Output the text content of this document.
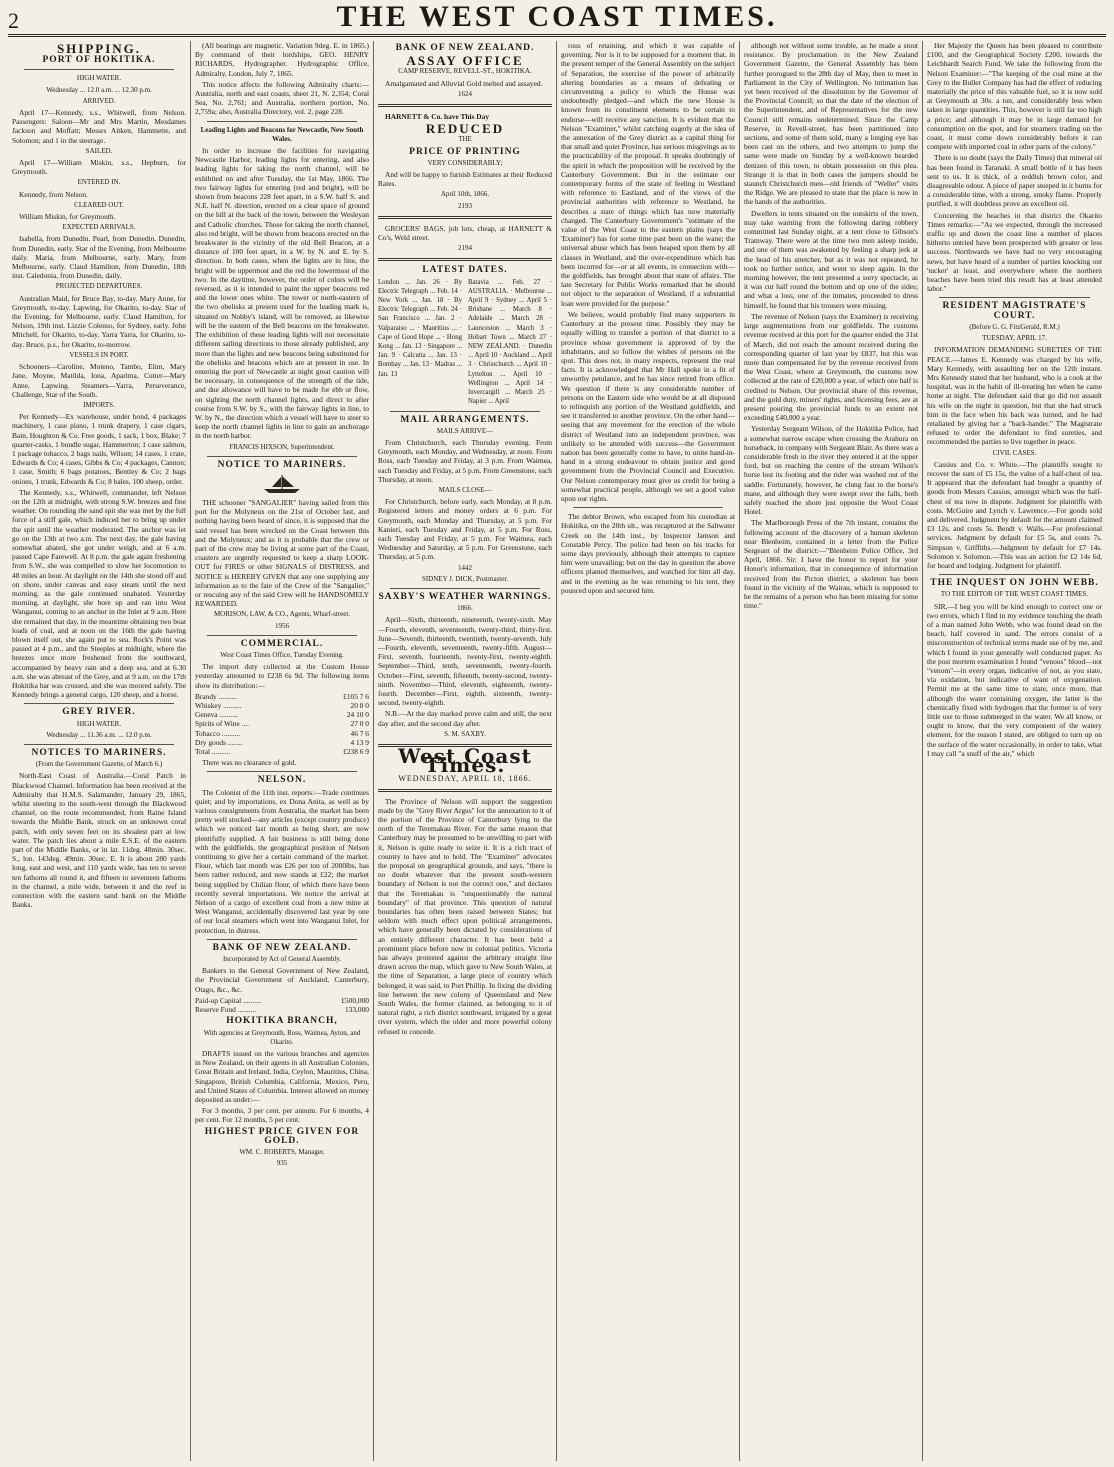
2	THE WEST COAST TIMES.
SHIPPING.
PORT OF HOKITIKA.
HIGH WATER.
Wednesday ... 12.0 a.m. ... 12.30 p.m.
ARRIVED.

April 17—Kennedy, s.s., Whitwell, from Nelson. Passengers: Saloon—Mr and Mrs Martin, Mesdames Jackson and Moffatt; Messrs Aitken, Hammette, and Solomon; and 1 in the steerage.

SAILED.

April 17—William Miskin, s.s., Hepburn, for Greymouth.

ENTERED IN.

Kennedy, from Nelson.

CLEARED OUT.

William Miskin, for Greymouth.

EXPECTED ARRIVALS.

Isabella, from Dunedin. Pearl, from Dunedin. Dunedin, from Dunedin, early. Star of the Evening, from Melbourne daily. Maria, from Melbourne, early. Mary, from Melbourne, early. Claud Hamilton, from Dunedin, 18th inst. Caledonia, from Dunedin, daily.

PROJECTED DEPARTURES.

Australian Maid, for Bruce Bay, to-day. Mary Anne, for Greymouth, to-day. Lapwing, for Okarito, to-day. Star of the Evening, for Melbourne, early. Claud Hamilton, for Nelson, 19th inst. Lizzie Colenso, for Sydney, early. John Mitchell, for Okarito, to-day. Yarra Yarra, for Okarito, to-day. Bruce, p.s., for Okarito, to-morrow.

VESSELS IN PORT.

Schooners—Caroline, Moteno, Tambo, Elim, Mary Jane, Moyne, Matilda, Iona, Aparima, Cutter—Mary Anne, Lapwing. Steamers—Yarra, Perseverance, Challenge, Star of the South.

IMPORTS.

Per Kennedy—Ex warehouse, under bond, 4 packages machinery, 1 case piano, 1 trunk drapery, 1 case cigars, Bain, Houghton & Co. Free goods, 1 sack, 1 box, Blake; 7 quarter-casks, 1 bundle sugar, Hammerton; 1 case salmon, 1 package tobacco, 2 bags nails, Wilson; 14 cases, 1 crate, Edwards & Co; 4 cases, Gibbs & Co; 4 packages, Cannon; 1 case, Smith; 6 bags potatoes, Bentley & Co; 2 bags onions, 1 trunk, Edwards & Co; 8 bales, 100 sheep, order.

The Kennedy, s.s., Whitwell, commander, left Nelson on the 12th at midnight, with strong S.W. breezes and fine weather. On rounding the sand spit she was met by the full force of a stiff gale, which induced her to bring up under the spit until the weather moderated. The anchor was let go on the 13th at two a.m. The next day, the gale having somewhat abated, she got under weigh, and at 6 a.m. passed Cape Farewell. At 8 p.m. the gale again freshening from S.W., she was compelled to slow her locomotion to 48 miles an hour. At daylight on the 14th she stood off and on shore, under canvas and easy steam until the next morning, as the gale continued unabated. Yesterday morning, at daylight, she bore up and ran into West Wanganui, coming to an anchor in the Inlet at 9 a.m. Here she remained that day, in the meantime obtaining two boat loads of coal, and at noon on the 16th the gale having blown itself out, she again put to sea. Rock's Point was passed at 4 p.m., and the Steeples at midnight, where the breezes once more freshened from the southward, accompanied by heavy rain and a deep sea, and at 6.30 a.m. she was abreast of the Grey, and at 9 a.m. on the 17th Hokitika bar was crossed, and she was moored safely. The Kennedy brings a general cargo, 120 sheep, and a horse.

GREY RIVER.
HIGH WATER.
Wednesday ... 11.36 a.m. ... 12.0 p.m.
NOTICES TO MARINERS.
(From the Government Gazette, of March 6.)

North-East Coast of Australia.—Coral Patch in Blackwood Channel. Information has been received at the Admiralty that H.M.S. Salamander, January 29, 1865, whilst steering to the south-west through the Blackwood channel, on the route recommended, from Raine Island towards the Middle Bank, struck on an unknown coral patch, with only seven feet on its shoalest part at low water. The patch lies about a mile E.S.E. of the eastern part of the Middle Banks, or in lat. 11deg. 48min. 30sec. S., lon. 143deg. 49min. 30sec. E. It is about 280 yards long, east and west, and 110 yards wide, has ten to seven ten fathoms all round it, and fifteen to seventeen fathoms in the channel, a mile wide, between it and the reef in connection with the eastern sand bank on the Middle Banks.

(All bearings are magnetic. Variation 9deg. E. in 1865.) By command of their lordships, GEO. HENRY RICHARDS, Hydrographer. Hydrographic Office, Admiralty, London, July 7, 1865.

This notice affects the following Admiralty charts:—Australia, north and east coasts, sheet 21, N. 2,354; Coral Sea, No. 2,761; and Australia, northern portion, No. 2,759a; also, Australia Directory, vol. 2, page 228.

Leading Lights and Beacons for Newcastle, New South Wales.

In order to increase the facilities for navigating Newcastle Harbor, leading lights for entering, and also leading lights for taking the north channel, will be exhibited on and after Tuesday, the 1st May, 1866. The two fairway lights for entering (red and bright), will be shown from beacons 228 feet apart, in a S.W. half S. and N.E. half N. direction, erected on a clear space of ground on the hill at the back of the town, between the Wesleyan and Catholic churches. Those for taking the north channel, also red bright, will be shown from beacons erected on the breakwater in the vicinity of the old Bell Beacon, at a distance of 100 feet apart, in a W. by N. and E. by S. direction. In both cases, when the lights are in line, the bright will be uppermost and the red the lowermost of the two. In the daytime, however, the order of colors will be reversed, as it is intended to paint the upper beacons red and the lower ones white. The tower or north-eastern of the two obelisks at present used for the leading mark is, situated on Nobby's island, will be removed, as likewise will be the eastern of the Bell beacons on the breakwater. The exhibition of these leading lights will not necessitate different sailing directions to those already published, any more than the lights and new beacons being substituted for the obelisks and beacons which are at present in use. In entering the port of Newcastle at night great caution will be necessary, in consequence of the strength of the tide, and due allowance will have to be made for ebb or flow, on sighting the north channel lights, and direct to after course from S.W. by S., with the fairway lights in line, to W. by N., the direction which a vessel will have to steer to keep the north channel lights in line to gain an anchorage in the north harbor.

FRANCIS HIXSON, Superintendent.
NOTICE TO MARINERS.

THE schooner "SANGALIER" having sailed from this port for the Molyneux on the 21st of October last, and nothing having been heard of since, it is supposed that the said vessel has been wrecked on the Coast between this and the Molyneux; and as it is probable that the crew or part of the crew may be living at some part of the Coast, coasters are urgently requested to keep a sharp LOOK-OUT for FIRES or other SIGNALS of DISTRESS, and NOTICE is HEREBY GIVEN that any one supplying any information as to the fate of the Crew of the "Sangalier," or rescuing any of the said Crew will be HANDSOMELY REWARDED.

MORISON, LAW, & CO., Agents, Wharf-street.
1956
COMMERCIAL.
West Coast Times Office, Tuesday Evening.

The import duty collected at the Custom House yesterday amounted to £238 6s 9d. The following items show its distribution:—

Brandy ..........	£105 7 6
Whiskey ..........	20 8 0
Geneva ..........	24 10 0
Spirits of Wine ....	27 0 0
Tobacco ..........	46 7 6
Dry goods ........	4 13 9
Total ..........	£238 6 9

There was no clearance of gold.

NELSON.

The Colonist of the 11th inst. reports:—Trade continues quiet; and by importations, ex Dona Anita, as well as by various consignments from Australia, the market has been pretty well stocked—any articles (except country produce) which we noticed last month as being short, are now plentifully supplied. A fair business is still being done with the goldfields, the geographical position of Nelson continuing to give her a certain command of the market. Flour, which last month was £26 per ton of 2000lbs, has been rather reduced, and now stands at £22; the market being supplied by Chilian flour, of which there have been recently several importations. We notice the arrival at Nelson of a cargo of excellent coal from a new mine at West Wanganui, accidentally discovered last year by one of our local steamers which went into Wanganui Inlet, for protection, in distress.

BANK OF NEW ZEALAND.
Incorporated by Act of General Assembly.

Bankers to the General Government of New Zealand, the Provincial Government of Auckland, Canterbury, Otago, &c., &c.

Paid-up Capital ..........	£500,000
Reserve Fund ..........	133,000
HOKITIKA BRANCH,
With agencies at Greymouth, Ross, Waimea, Ayton, and Okarito.

DRAFTS issued on the various branches and agencies in New Zealand, on their agents in all Australian Colonies, Great Britain and Ireland, India, Ceylon, Mauritius, China, Singapore, British Columbia, California, Mexico, Peru, and United States of Columbia. Interest allowed on money deposited as under:—

For 3 months, 3 per cent. per annum. For 6 months, 4 per cent. For 12 months, 5 per cent.

HIGHEST PRICE GIVEN FOR GOLD.
WM. C. ROBERTS, Manager.
935
BANK OF NEW ZEALAND.
ASSAY OFFICE
CAMP RESERVE, REVELL-ST., HOKITIKA.

Amalgamated and Alluvial Gold melted and assayed.

1624

HARNETT & Co. have This Day

REDUCED
THE
PRICE OF PRINTING
VERY CONSIDERABLY;

And will be happy to furnish Estimates at their Reduced Rates.

April 10th, 1866.
2193

GROCERS' BAGS, job lots, cheap, at HARNETT & Co's, Weld street.

2194
LATEST DATES.
London ... Jan. 26 · By Electric Telegraph ... Feb. 14 · New York ... Jan. 18 · By Electric Telegraph ... Feb. 24 · San Francisco ... Jan. 2 · Valparaiso ... · Mauritius ... · Cape of Good Hope ... · Hong Kong ... Jan. 13 · Singapore ... Jan. 9 · Calcutta ... Jan. 13 · Bombay ... Jan. 13 · Madras ... Jan. 13
Batavia ... Feb. 27 · AUSTRALIA. · Melbourne ... April 9 · Sydney ... April 5 · Brisbane ... March 8 · Adelaide ... March 28 · Launceston ... March 3 · Hobart Town ... March 27 · NEW ZEALAND. · Dunedin ... April 10 · Auckland ... April 3 · Christchurch ... April 10 · Lyttelton ... April 10 · Wellington ... April 14 · Invercargill ... March 25 · Napier ... April
MAIL ARRANGEMENTS.
MAILS ARRIVE—

From Christchurch, each Thursday evening. From Greymouth, each Monday, and Wednesday, at noon. From Ross, each Tuesday and Friday, at 3 p.m. From Waimea, each Tuesday and Friday, at 5 p.m. From Greenstone, each Thursday, at noon.

MAILS CLOSE—

For Christchurch, before early, each Monday, at 8 p.m. Registered letters and money orders at 6 p.m. For Greymouth, each Monday and Thursday, at 5 p.m. For Kanieri, each Tuesday and Friday, at 5 p.m. For Ross, each Tuesday and Friday, at 5 p.m. For Waimea, each Wednesday and Saturday, at 5 p.m. For Greenstone, each Thursday, at 5 p.m.

1442
SIDNEY J. DICK, Postmaster.
SAXBY'S WEATHER WARNINGS.
1866.

April—Sixth, thirteenth, nineteenth, twenty-sixth. May—Fourth, eleventh, seventeenth, twenty-third, thirty-first. June—Seventh, thirteenth, twentieth, twenty-seventh. July—Fourth, eleventh, seventeenth, twenty-fifth. August—First, seventh, fourteenth, twenty-first, twenty-eighth. September—Third, tenth, seventeenth, twenty-fourth. October—First, seventh, fifteenth, twenty-second, twenty-ninth. November—Third, eleventh, eighteenth, twenty-fourth. December—First, eighth, sixteenth, twenty-second, twenty-eighth.

N.B.—At the day marked prove calm and still, the next day after, and the second day after.

S. M. SAXBY.
West Coast Times.
WEDNESDAY, APRIL 18, 1866.

The Province of Nelson will support the suggestion made by the "Grey River Argus" for the annexation to it of the portion of the Province of Canterbury lying to the north of the Teremakau River. For the same reason that Canterbury may be presumed to be unwilling to part with it, Nelson is quite ready to seize it. It is a rich tract of country to have and to hold. The "Examiner" advocates the proposal on geographical grounds, and says, "there is no doubt whatever that the present south-western boundary of Nelson is not the correct one," and declares that the Teremakau is "unquestionably the natural boundary" of that province. This question of natural boundaries has often been raised between States; but seldom with much effect upon political arrangements, which have generally been dictated by considerations of an entirely different character. It has been held a prominent place before now in colonial politics. Victoria has always protested against the arbitrary straight line drawn across the map, which gave to New South Wales, at the time of Separation, a large piece of country which belonged, it was said, to Port Phillip. In fixing the dividing line between the new colony of Queensland and New South Wales, the former claimed, as belonging to it of natural right, a rich district southward, irrigated by a great river system, which the older and more powerful colony refused to concede.

rous of retaining, and which it was capable of governing. Nor is it to be supposed for a moment that, in the present temper of the General Assembly on the subject of Separation, the exercise of the power of arbitrarily altering boundaries as a means of defeating or circumventing a policy to which the House was undoubtedly pledged—and which the new House is known from its constituent elements to be certain to endorse—will receive any sanction. It is evident that the Nelson "Examiner," whilst catching eagerly at the idea of the annexation of the Grey district as a capital thing for that small and quiet Province, has serious misgivings as to the practicability of the proposal. It speaks doubtingly of the spirit in which the proposition will be received by the Canterbury Government. But in the estimate our contemporary forms of the state of feeling in Westland with reference to Eastland, and of the views of the provincial authorities with reference to Westland, he describes a state of things which has now materially changed. The Canterbury Government's "estimate of the value of the West Coast to the eastern plains (says the 'Examiner') has for some time past been on the wane; the universal abuse which has been heaped upon them by all classes in Westland, and the over-expenditure which has been incurred for—or at all events, in connection with—the goldfields, has brought about that state of affairs. The late Secretary for Public Works remarked that he should not object to the separation of Westland, if a substantial loan were provided for the purpose."

We believe, would probably find many supporters in Canterbury at the present time. Possibly they may be equally willing to transfer a portion of that district to a province whose government is approved of by the inhabitants, and so follow the wishes of persons on the spot. This does not, in many respects, represent the real facts. It is acknowledged that Mr Hall spoke in a fit of unworthy petulance, and he has since retired from office. We question if there is any considerable number of persons on the Eastern side who would be at all disposed to relinquish any portion of the Westland goldfields, and see it transferred to another province. On the other hand—seeing that any movement for the erection of the whole district of Westland into an independent province, was unlikely to be attended with success—the Government nation has been generally come to have, to unite hand-in-hand in a strong endeavour to obtain justice and good government from the Provincial Council and Executive. Our Nelson contemporary must give us credit for being a somewhat practical people, although we set a good value upon our rights.

The debtor Brown, who escaped from his custodian at Hokitika, on the 20th ult., was recaptured at the Saltwater Creek on the 14th inst., by Inspector Jamson and Constable Percy. The police had been on his tracks for some days previously, although their attempts to capture him were unavailing; but on the day in question the above officers planted themselves, and watched for him all day, and in the evening as he was returning to his tent, they pounced upon and secured him.

although not without some trouble, as he made a stout resistance. By proclamation in the New Zealand Government Gazette, the General Assembly has been further prorogued to the 28th day of May, then to meet in Parliament in the City of Wellington. No intimation has yet been received of the dissolution by the Governor of the Provincial Council; so that the date of the election of the Superintendent, and of Representatives for the new Council still remains undetermined. Since the Camp Reserve, in Revell-street, has been partitioned into sections, and some of them sold, many a longing eye has been cast on the others, and two attempts to jump the same were made on Sunday by a well-known bearded denizen of this town, to obtain possession on this plea. Strange it is that in both cases the jumpers should be staunch Christchurch men—old friends of "Weller" visits the Ridge. We are pleased to state that the place is now in the hands of the authorities.

Dwellers in tents situated on the outskirts of the town, may take warning from the following daring robbery committed last Sunday night, at a tent close to Gibson's Tramway. There were at the time two men asleep inside, and one of them was awakened by feeling a sharp jerk at the head of his stretcher, but as it was not repeated, he took no further notice, and went to sleep again. In the morning however, the tent presented a sorry spectacle, as it was cut half round the bottom and up one of the sides; and what a loss, one of the inmates, proceeded to dress himself, he found that his trousers were missing.

The revenue of Nelson (says the Examiner) is receiving large augmentations from our goldfields. The customs revenue received at this port for the quarter ended the 31st of March, did not reach the amount received during the corresponding quarter of last year by £837, but this was more than compensated for by the revenue received from the West Coast, where at Greymouth, the customs now collected at the rate of £20,000 a year, of which one half is credited to Nelson. Our provincial share of this revenue, and the gold duty, miners' rights, and licensing fees, are at present pouring the provincial funds to an extent not exceeding £40,000 a year.

Yesterday Sergeant Wilson, of the Hokitika Police, had a somewhat narrow escape when crossing the Arahura on horseback, in company with Sergeant Blair. As there was a considerable fresh in the river they entered it at the upper ford, but on reaching the centre of the stream Wilson's horse lost its footing and the rider was washed out of the saddle. Fortunately, however, he clung fast to the horse's mane, and although they were swept over the falls, both safely reached the shore just opposite the Wool Coast Hotel.

The Marlborough Press of the 7th instant, contains the following account of the discovery of a human skeleton near Blenheim, contained in a letter from the Police Sergeant of the district:—"Blenheim Police Office, 3rd April, 1866. Sir: I have the honor to report for your Honor's information, that in consequence of information received from the Picton district, a skeleton has been found in the vicinity of the Wairau, which is supposed to be the remains of a person who has been missing for some time."

Her Majesty the Queen has been pleased to contribute £100, and the Geographical Society £200, towards the Leichhardt Search Fund. We take the following from the Nelson Examiner:—"The keeping of the coal mine at the Grey to the Buller Company has had the effect of reducing materially the price of this valuable fuel, so it is now sold at Greymouth at 30s. a ton, and considerably less when taken in large quantities. This, however is still far too high a price; and although it may be in large demand for consumption on the spot, and for steamers trading on the coast, it must come down considerably before it can compete with imported coal in other parts of the colony."

There is no doubt (says the Daily Times) that mineral oil has been found in Taranaki. A small bottle of it has been sent to us. It is thick, of a reddish brown color, and disagreeable odour. A piece of paper steeped in it burns for a considerable time, with a strong, smoky flame. Properly purified, it will doubtless prove an excellent oil.

Concerning the beaches in that district the Okarito Times remarks:—"As we expected, through the increased traffic up and down the coast line a number of places hitherto untried have been prospected with greater or less success. Northwards we have had no very encouraging news, but have heard of a number of parties knocking out 'tucker' at least, and everywhere where the northern beaches have been tried this result has at least attended labor."

RESIDENT MAGISTRATE'S COURT.
(Before G. G. FitzGerald, R.M.)
TUESDAY, APRIL 17.

INFORMATION DEMANDING SURETIES OF THE PEACE.—James E. Kennedy was charged by his wife, Mary Kennedy, with assaulting her on the 12th instant. Mrs Kennedy stated that her husband, who is a cook at the hospital, was in the habit of ill-treating her when he came home at night. The defendant said that go did not assault his wife on the night in question, but that she had struck him in the face when his back was turned, and he had retaliated by giving her a "back-hander." The Magistrate refused to order the defendant to find sureties, and recommended the parties to live together in peace.

CIVIL CASES.

Cassius and Co. v. White.—The plaintiffs sought to recover the sum of £5 15s, the value of a half-chest of tea. It appeared that the defendant had bought a quantity of goods from Messrs Cassius, amongst which was the half-chest of tea now in dispute. Judgment for plaintiffs with costs. McGuire and Lynch v. Lawrence.—For goods sold and delivered. Judgment by default for the amount claimed £3 12s, and costs 5s. Bendt v. Walls.—For professional services. Judgment by default for £5 5s, and costs 7s. Simpson v. Griffiths.—Judgment by default for £7 14s. Solomon v. Solomon.—This was an action for £2 14s 6d, for board and lodging. Judgment for plaintiff.

THE INQUEST ON JOHN WEBB.
TO THE EDITOR OF THE WEST COAST TIMES.

SIR,—I beg you will be kind enough to correct one or two errors, which I find in my evidence touching the death of a man named John Webb, who was found dead on the beach, half covered in sand. The errors consist of a misconstruction of technical terms made use of by me, and which I found in your generally well conducted paper. As the post mortem examination I found "venous" blood—not "venom"—in every organ, indicative of not, as you state, via oxidation, but indicative of want of oxygenation. Permit me at the same time to state, once more, that although the water containing oxygen, the latter is the chemically fixed with hydrogen that the former is of very little use to those submerged in the water. We all know, or ought to know, that the very component of the watery element, for the reason I stated, are obliged to turn up on the surface of the water occasionally, in order to take, what I may call "a snuff of the air," which
